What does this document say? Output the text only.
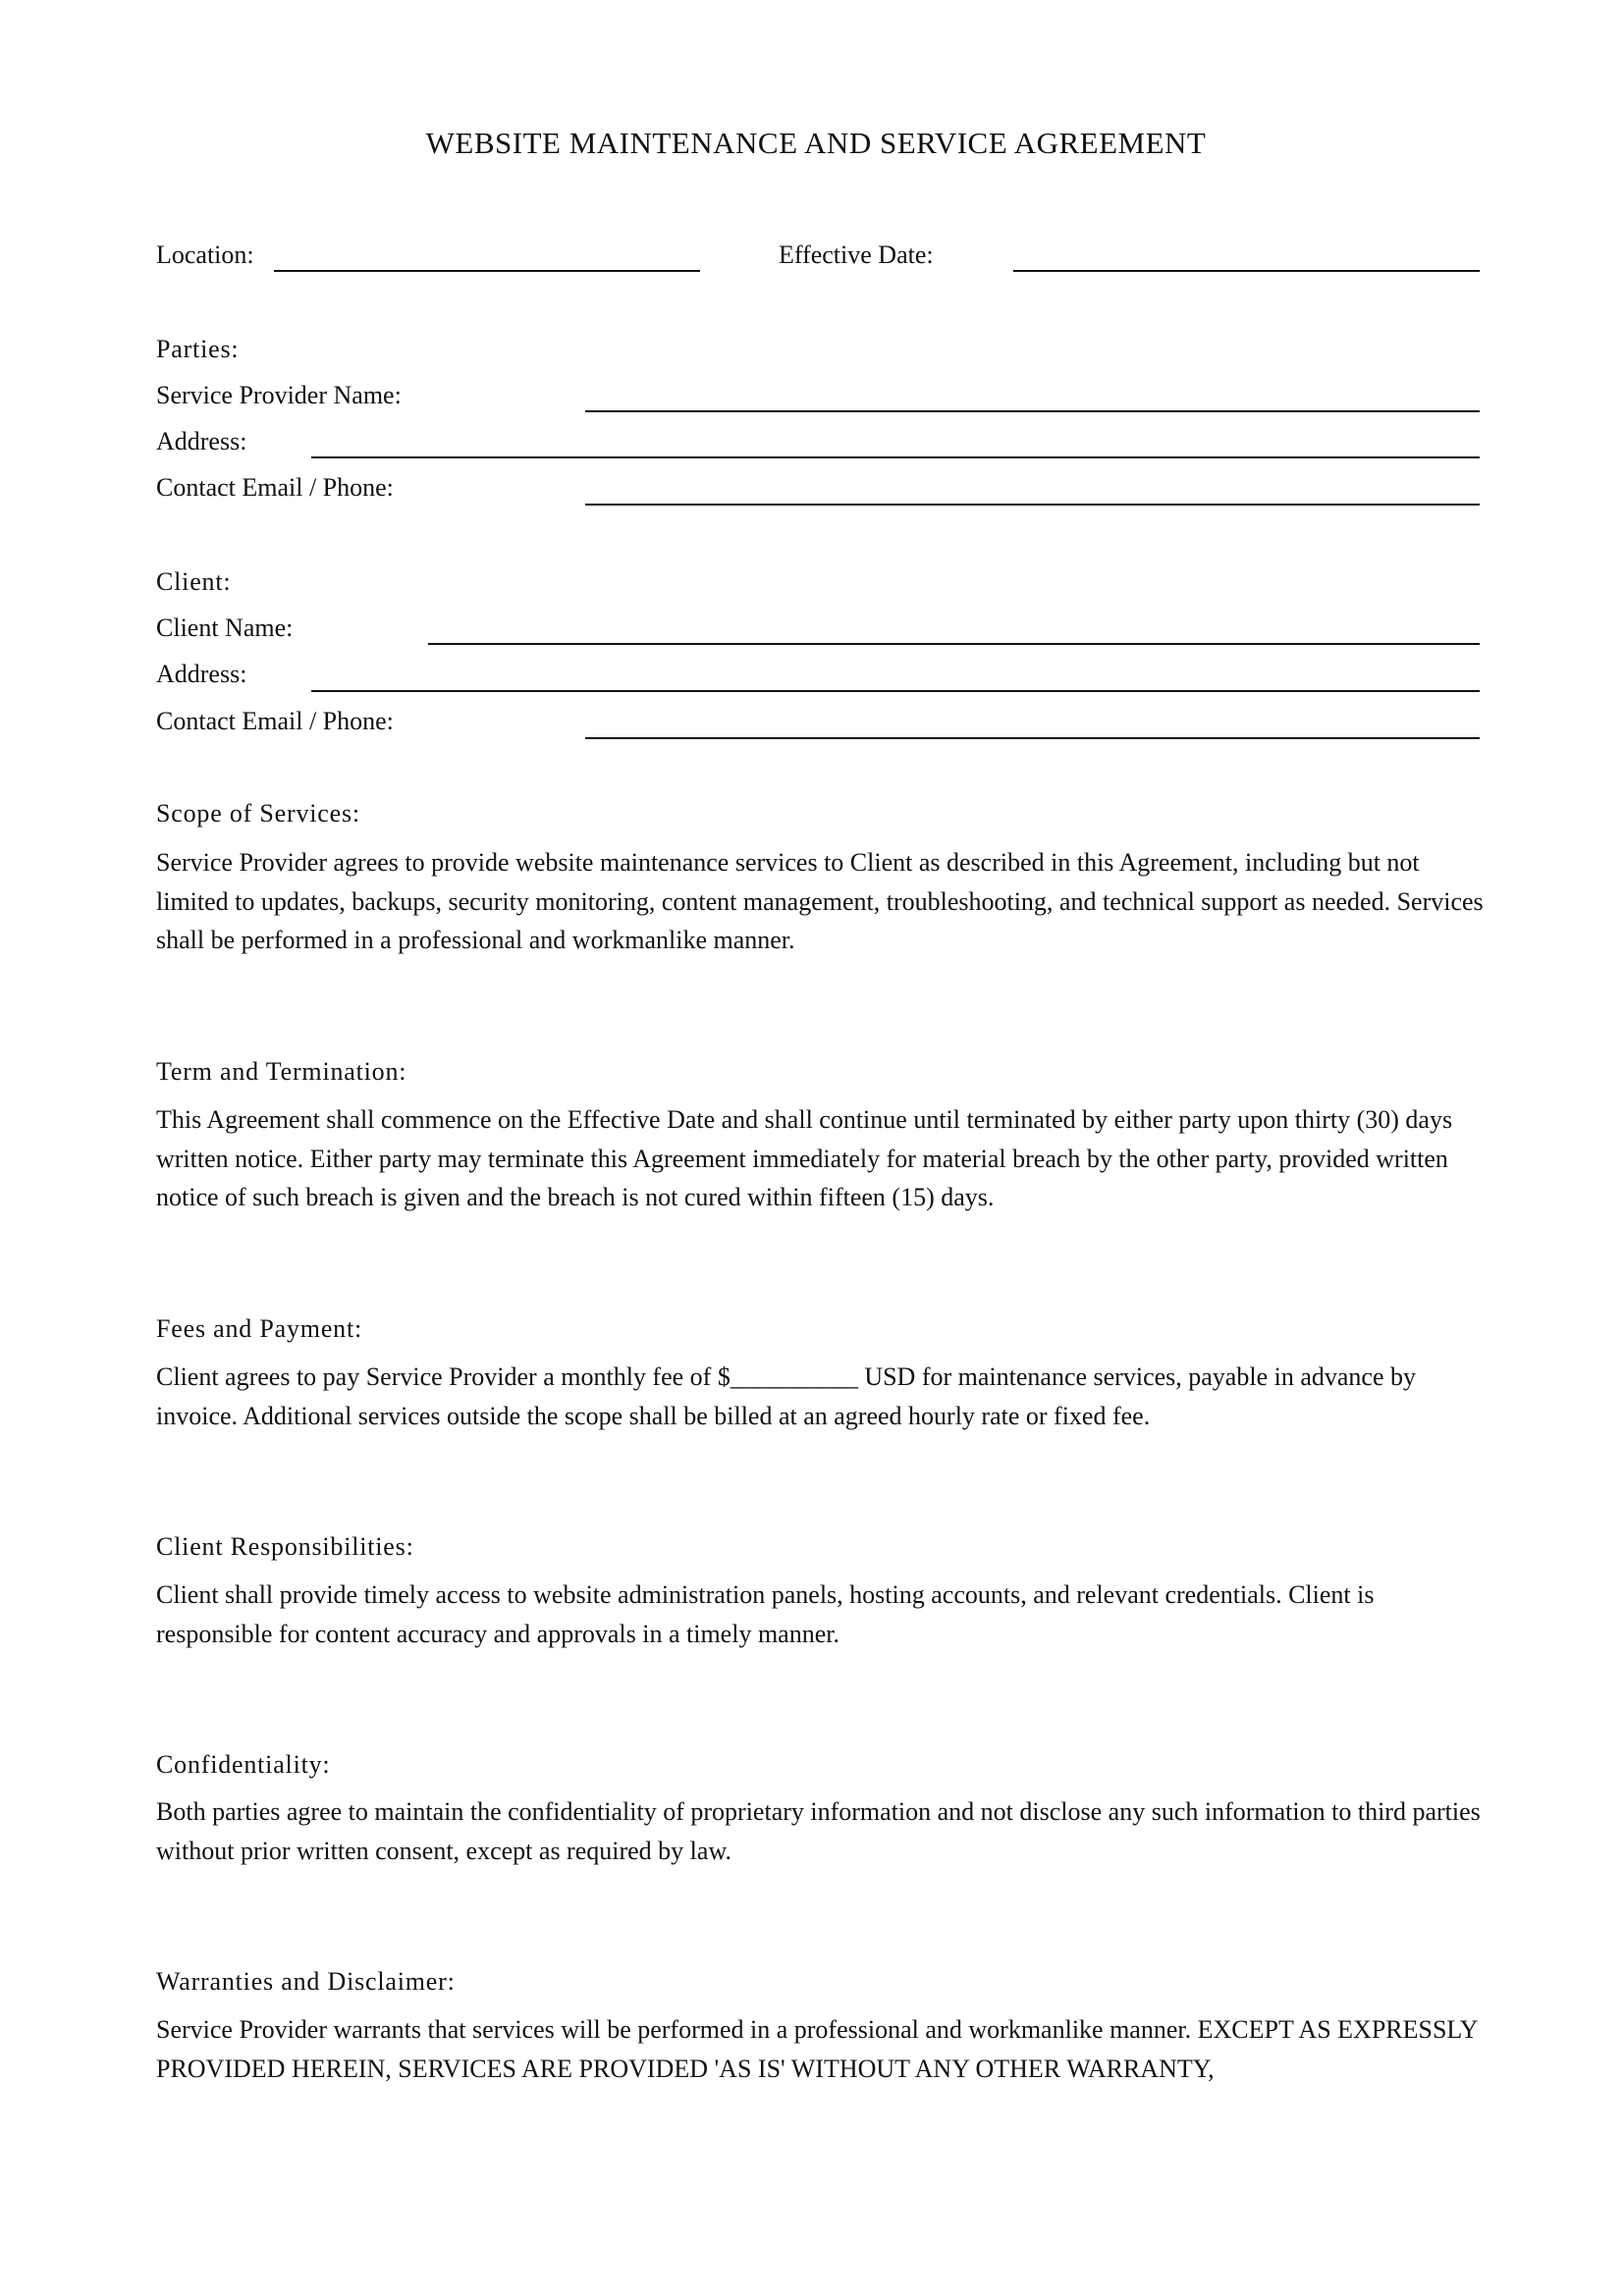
WEBSITE MAINTENANCE AND SERVICE AGREEMENT
Location:	Effective Date:
Parties:
Service Provider Name:
Address:
Contact Email / Phone:
Client:
Client Name:
Address:
Contact Email / Phone:
Scope of Services:

Service Provider agrees to provide website maintenance services to Client as described in this Agreement, including but not limited to updates, backups, security monitoring, content management, troubleshooting, and technical support as needed. Services shall be performed in a professional and workmanlike manner.

Term and Termination:

This Agreement shall commence on the Effective Date and shall continue until terminated by either party upon thirty (30) days written notice. Either party may terminate this Agreement immediately for material breach by the other party, provided written notice of such breach is given and the breach is not cured within fifteen (15) days.

Fees and Payment:

Client agrees to pay Service Provider a monthly fee of $__________ USD for maintenance services, payable in advance by invoice. Additional services outside the scope shall be billed at an agreed hourly rate or fixed fee.

Client Responsibilities:

Client shall provide timely access to website administration panels, hosting accounts, and relevant credentials. Client is responsible for content accuracy and approvals in a timely manner.

Confidentiality:

Both parties agree to maintain the confidentiality of proprietary information and not disclose any such information to third parties without prior written consent, except as required by law.

Warranties and Disclaimer:

Service Provider warrants that services will be performed in a professional and workmanlike manner. EXCEPT AS EXPRESSLY PROVIDED HEREIN, SERVICES ARE PROVIDED 'AS IS' WITHOUT ANY OTHER WARRANTY,
